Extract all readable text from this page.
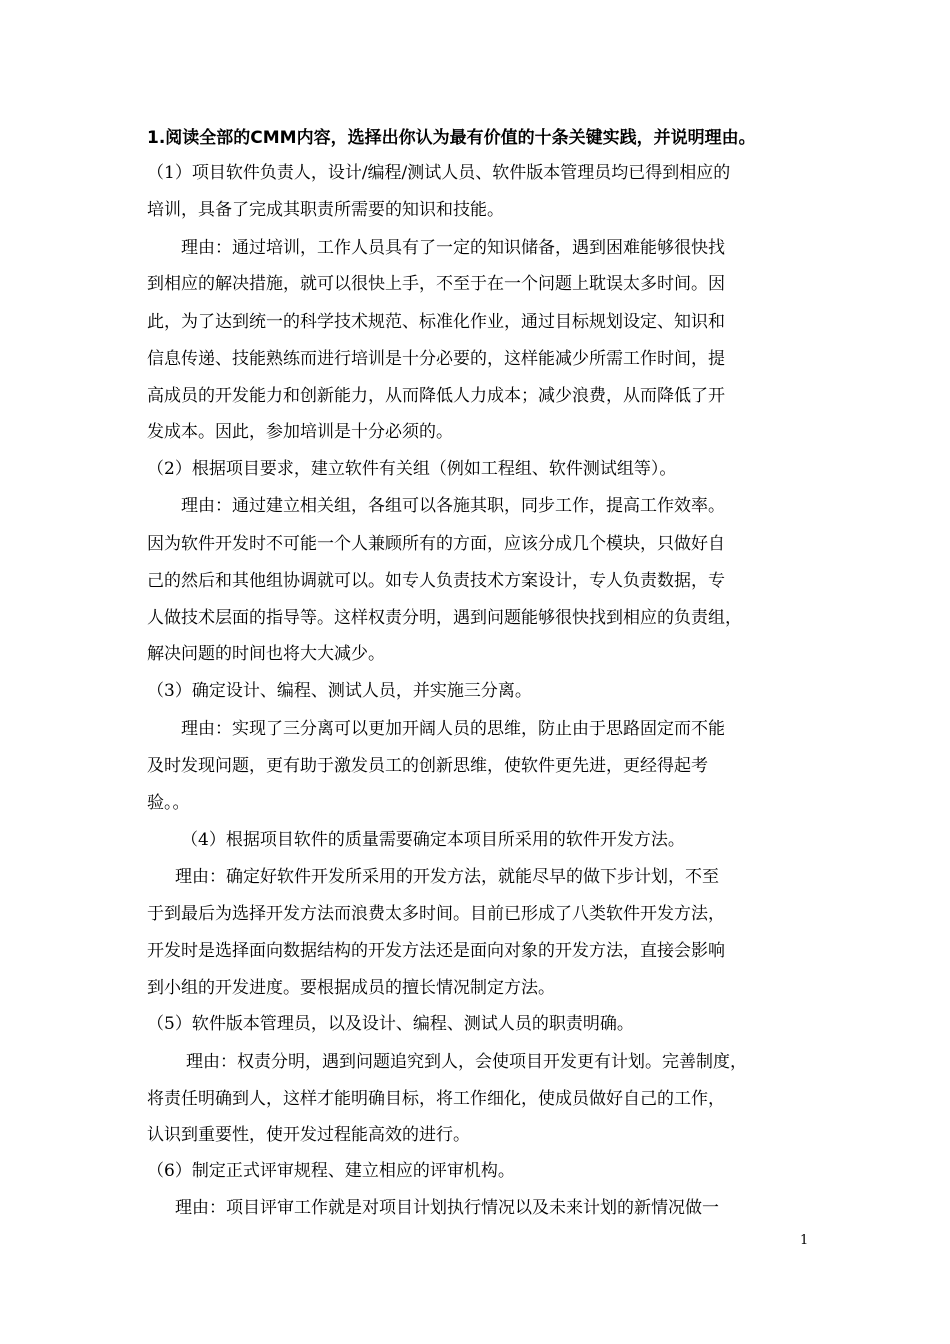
1.阅读全部的CMM内容，选择出你认为最有价值的十条关键实践，并说明理由。
（1）项目软件负责人，设计/编程/测试人员、软件版本管理员均已得到相应的
培训，具备了完成其职责所需要的知识和技能。
理由：通过培训，工作人员具有了一定的知识储备，遇到困难能够很快找
到相应的解决措施，就可以很快上手，不至于在一个问题上耽误太多时间。因
此，为了达到统一的科学技术规范、标准化作业，通过目标规划设定、知识和
信息传递、技能熟练而进行培训是十分必要的，这样能减少所需工作时间，提
高成员的开发能力和创新能力，从而降低人力成本；减少浪费，从而降低了开
发成本。因此，参加培训是十分必须的。
（2）根据项目要求，建立软件有关组（例如工程组、软件测试组等）。
理由：通过建立相关组，各组可以各施其职，同步工作，提高工作效率。
因为软件开发时不可能一个人兼顾所有的方面，应该分成几个模块，只做好自
己的然后和其他组协调就可以。如专人负责技术方案设计，专人负责数据，专
人做技术层面的指导等。这样权责分明，遇到问题能够很快找到相应的负责组，
解决问题的时间也将大大减少。
（3）确定设计、编程、测试人员，并实施三分离。
理由：实现了三分离可以更加开阔人员的思维，防止由于思路固定而不能
及时发现问题，更有助于激发员工的创新思维，使软件更先进，更经得起考
验。。
（4）根据项目软件的质量需要确定本项目所采用的软件开发方法。
理由：确定好软件开发所采用的开发方法，就能尽早的做下步计划，不至
于到最后为选择开发方法而浪费太多时间。目前已形成了八类软件开发方法，
开发时是选择面向数据结构的开发方法还是面向对象的开发方法，直接会影响
到小组的开发进度。要根据成员的擅长情况制定方法。
（5）软件版本管理员，以及设计、编程、测试人员的职责明确。
理由：权责分明，遇到问题追究到人，会使项目开发更有计划。完善制度，
将责任明确到人，这样才能明确目标，将工作细化，使成员做好自己的工作，
认识到重要性，使开发过程能高效的进行。
（6）制定正式评审规程、建立相应的评审机构。
理由：项目评审工作就是对项目计划执行情况以及未来计划的新情况做一
1
